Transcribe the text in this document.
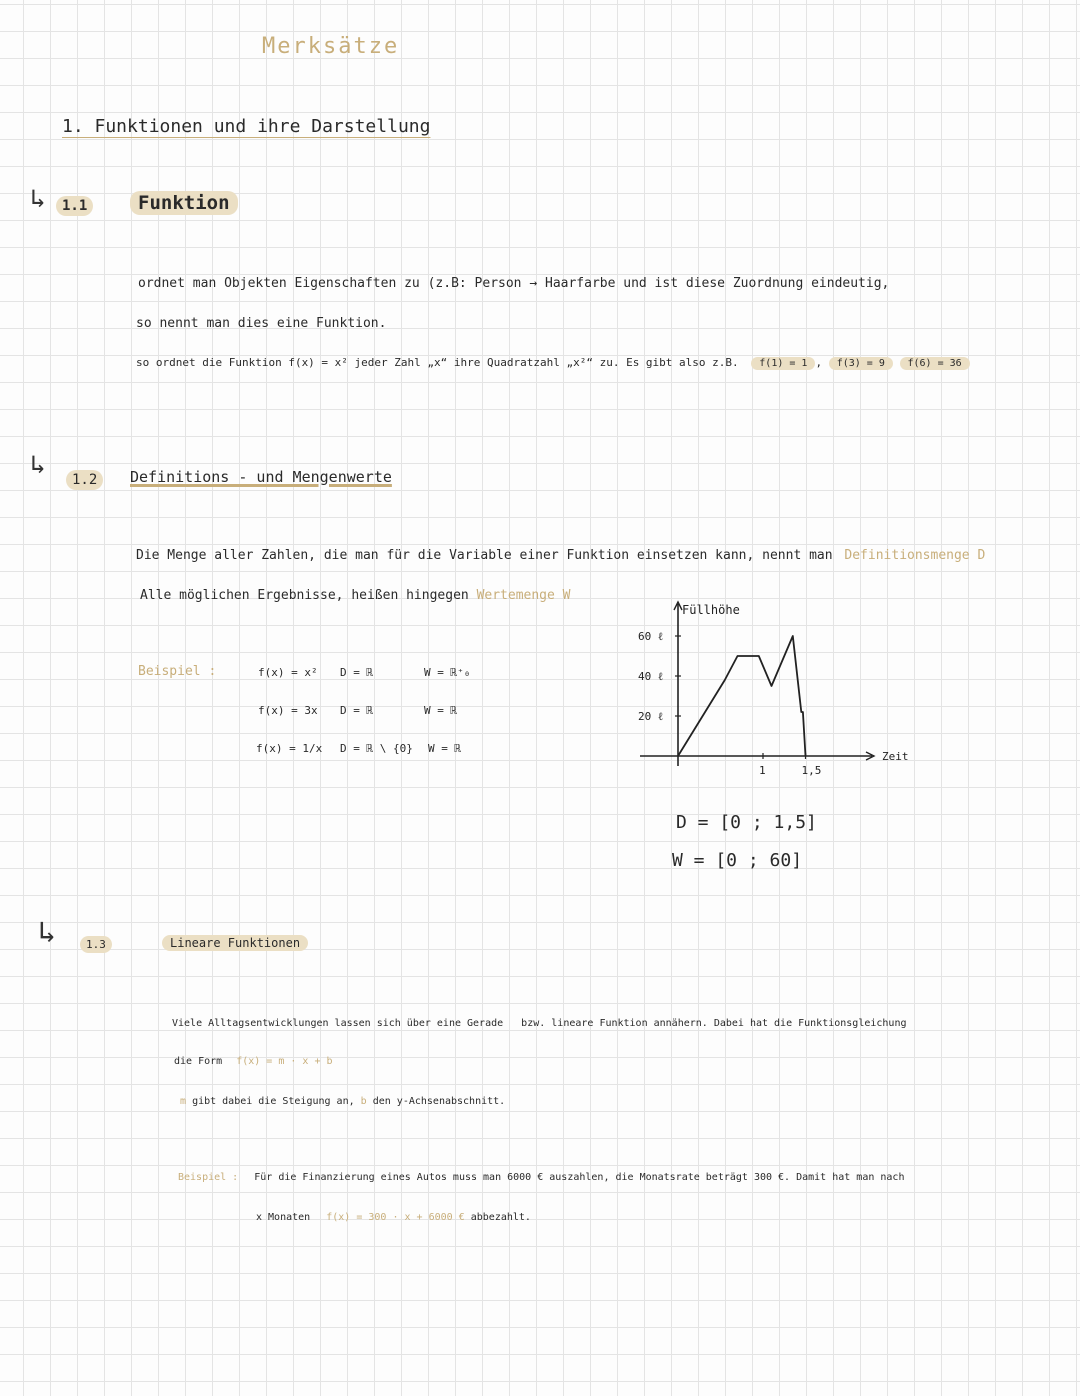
Merksätze
1. Funktionen und ihre Darstellung
↳	1.1	Funktion
ordnet man Objekten Eigenschaften zu (z.B: Person → Haarfarbe und ist diese Zuordnung eindeutig,
so nennt man dies eine Funktion.
so ordnet die Funktion f(x) = x² jeder Zahl „x“ ihre Quadratzahl „x²“ zu. Es gibt also z.B. f(1) = 1 , f(3) = 9 f(6) = 36
↳	1.2	Definitions - und Mengenwerte
Die Menge aller Zahlen, die man für die Variable einer Funktion einsetzen kann, nennt man Definitionsmenge D
Alle möglichen Ergebnisse, heißen hingegen Wertemenge W
Beispiel :	f(x) = x² D = ℝ	W = ℝ⁺₀
f(x) = 3x D = ℝ	W = ℝ
f(x) = 1/x D = ℝ \ {0} W = ℝ
Füllhöhe
Zeit
60 ℓ
40 ℓ
20 ℓ
1	1,5
D = [0 ; 1,5]
W = [0 ; 60]
↳	1.3	Lineare Funktionen
Viele Alltagsentwicklungen lassen sich über eine Gerade bzw. lineare Funktion annähern. Dabei hat die Funktionsgleichung
die Form f(x) = m · x + b
m gibt dabei die Steigung an, b den y-Achsenabschnitt.
Beispiel : Für die Finanzierung eines Autos muss man 6000 € auszahlen, die Monatsrate beträgt 300 €. Damit hat man nach
x Monaten f(x) = 300 · x + 6000 € abbezahlt.
